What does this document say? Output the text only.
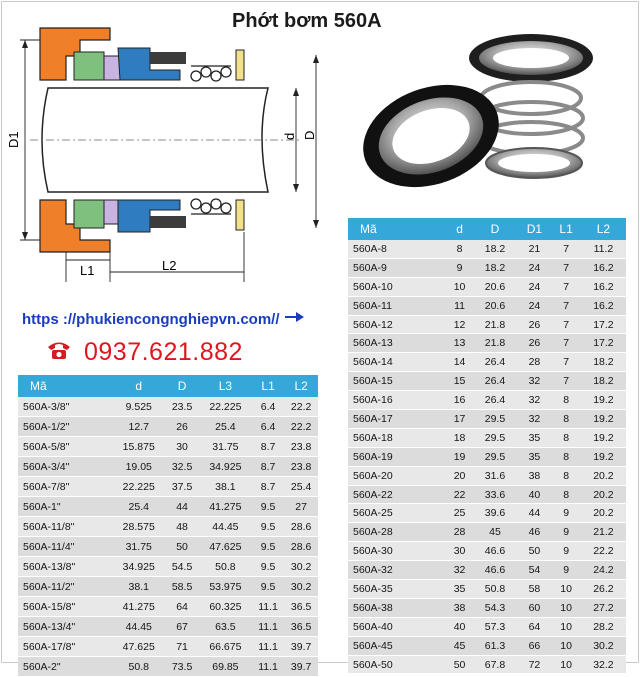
Phớt bơm 560A
D1	d D
L1	L2
https ://phukiencongnghiepvn.com//
0937.621.882
Mã	d	D	L3	L1	L2
560A-3/8"	9.525	23.5	22.225	6.4	22.2
560A-1/2"	12.7	26	25.4	6.4	22.2
560A-5/8"	15.875	30	31.75	8.7	23.8
560A-3/4"	19.05	32.5	34.925	8.7	23.8
560A-7/8"	22.225	37.5	38.1	8.7	25.4
560A-1"	25.4	44	41.275	9.5	27
560A-11/8"	28.575	48	44.45	9.5	28.6
560A-11/4"	31.75	50	47.625	9.5	28.6
560A-13/8"	34.925	54.5	50.8	9.5	30.2
560A-11/2"	38.1	58.5	53.975	9.5	30.2
560A-15/8"	41.275	64	60.325	11.1	36.5
560A-13/4"	44.45	67	63.5	11.1	36.5
560A-17/8"	47.625	71	66.675	11.1	39.7
560A-2"	50.8	73.5	69.85	11.1	39.7
Mã	d	D	D1	L1	L2
560A-8	8	18.2	21	7	11.2
560A-9	9	18.2	24	7	16.2
560A-10	10	20.6	24	7	16.2
560A-11	11	20.6	24	7	16.2
560A-12	12	21.8	26	7	17.2
560A-13	13	21.8	26	7	17.2
560A-14	14	26.4	28	7	18.2
560A-15	15	26.4	32	7	18.2
560A-16	16	26.4	32	8	19.2
560A-17	17	29.5	32	8	19.2
560A-18	18	29.5	35	8	19.2
560A-19	19	29.5	35	8	19.2
560A-20	20	31.6	38	8	20.2
560A-22	22	33.6	40	8	20.2
560A-25	25	39.6	44	9	20.2
560A-28	28	45	46	9	21.2
560A-30	30	46.6	50	9	22.2
560A-32	32	46.6	54	9	24.2
560A-35	35	50.8	58	10	26.2
560A-38	38	54.3	60	10	27.2
560A-40	40	57.3	64	10	28.2
560A-45	45	61.3	66	10	30.2
560A-50	50	67.8	72	10	32.2
